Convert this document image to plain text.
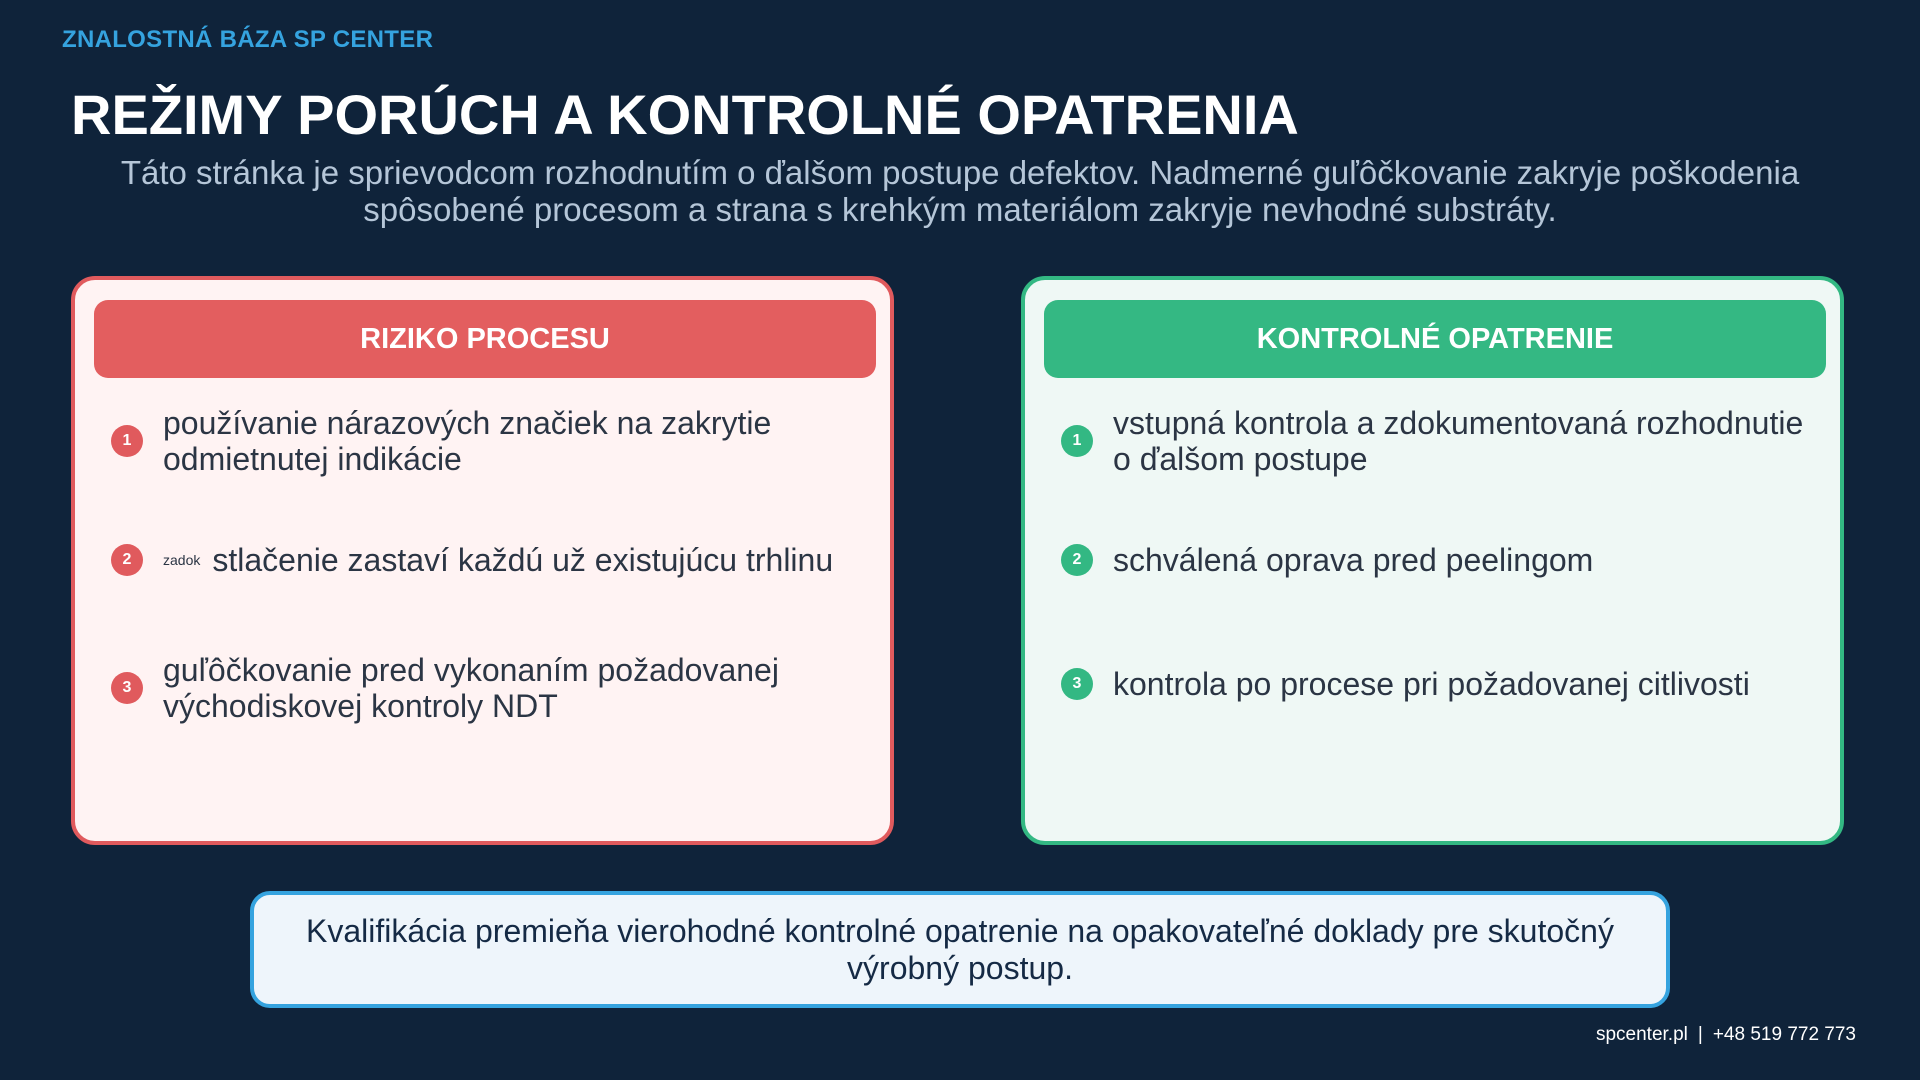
ZNALOSTNÁ BÁZA SP CENTER
REŽIMY PORÚCH A KONTROLNÉ OPATRENIA
Táto stránka je sprievodcom rozhodnutím o ďalšom postupe defektov. Nadmerné guľôčkovanie zakryje poškodenia spôsobené procesom a strana s krehkým materiálom zakryje nevhodné substráty.
RIZIKO PROCESU
1 používanie nárazových značiek na zakrytie odmietnutej indikácie
2	zadok stlačenie zastaví každú už existujúcu trhlinu
3 guľôčkovanie pred vykonaním požadovanej východiskovej kontroly NDT
KONTROLNÉ OPATRENIE
1 vstupná kontrola a zdokumentovaná rozhodnutie o ďalšom postupe
2 schválená oprava pred peelingom
3 kontrola po procese pri požadovanej citlivosti
Kvalifikácia premieňa vierohodné kontrolné opatrenie na opakovateľné doklady pre skutočný výrobný postup.
spcenter.pl | +48 519 772 773
